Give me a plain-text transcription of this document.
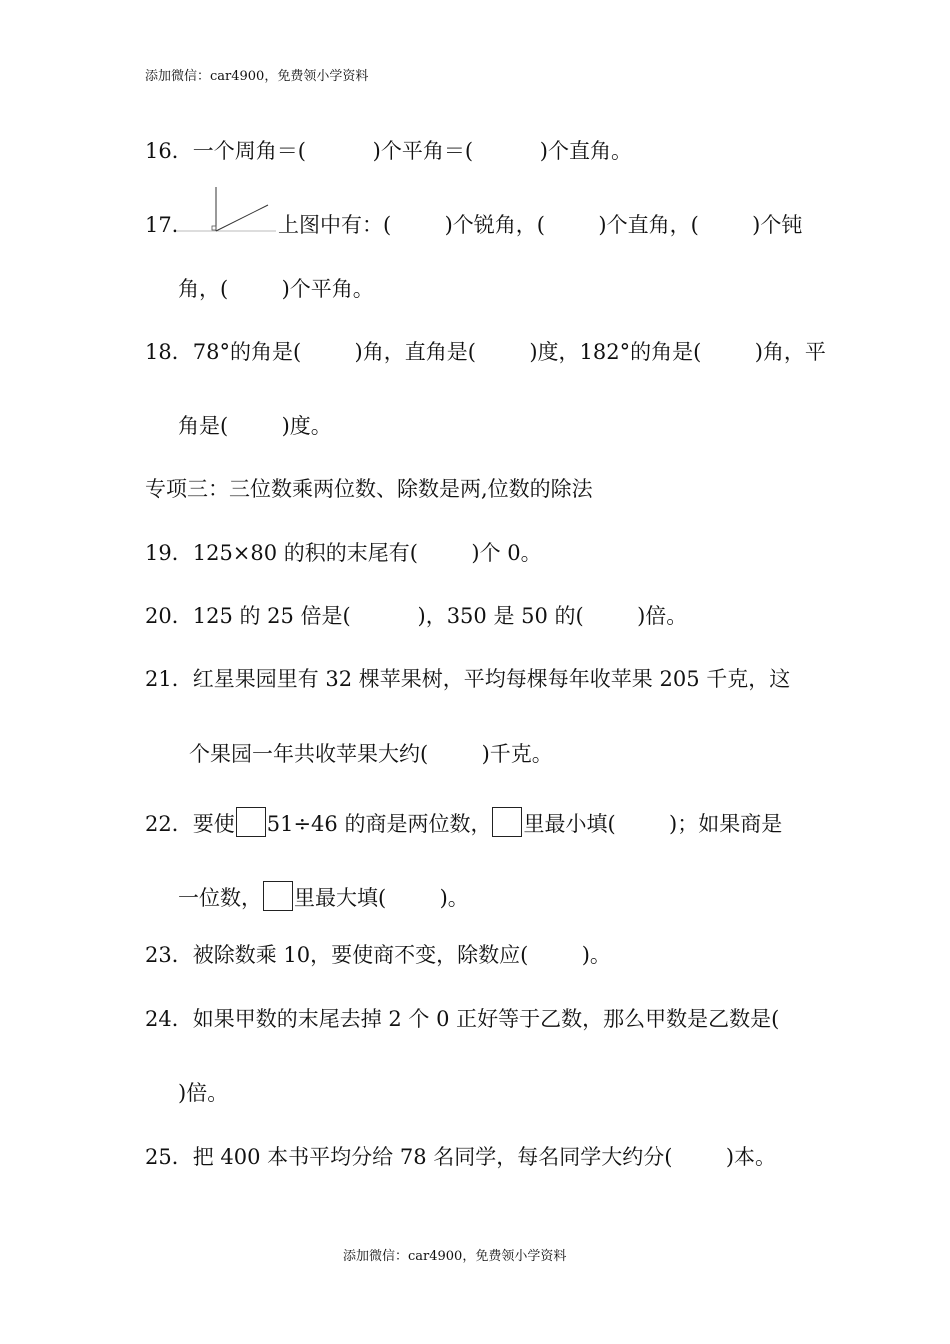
添加微信：car4900，免费领小学资料
16．一个周角＝(          )个平角＝(          )个直角。
17．	上图中有：(        )个锐角，(        )个直角，(        )个钝
角，(        )个平角。
18．78°的角是(        )角，直角是(        )度，182°的角是(        )角，平
角是(        )度。
专项三：三位数乘两位数、除数是两,位数的除法
19．125×80 的积的末尾有(        )个 0。
20．125 的 25 倍是(          )，350 是 50 的(        )倍。
21．红星果园里有 32 棵苹果树，平均每棵每年收苹果 205 千克，这
个果园一年共收苹果大约(        )千克。
22．要使 51÷46 的商是两位数， 里最小填(        )；如果商是
一位数， 里最大填(        )。
23．被除数乘 10，要使商不变，除数应(        )。
24．如果甲数的末尾去掉 2 个 0 正好等于乙数，那么甲数是乙数是(
)倍。
25．把 400 本书平均分给 78 名同学，每名同学大约分(        )本。
添加微信：car4900，免费领小学资料
